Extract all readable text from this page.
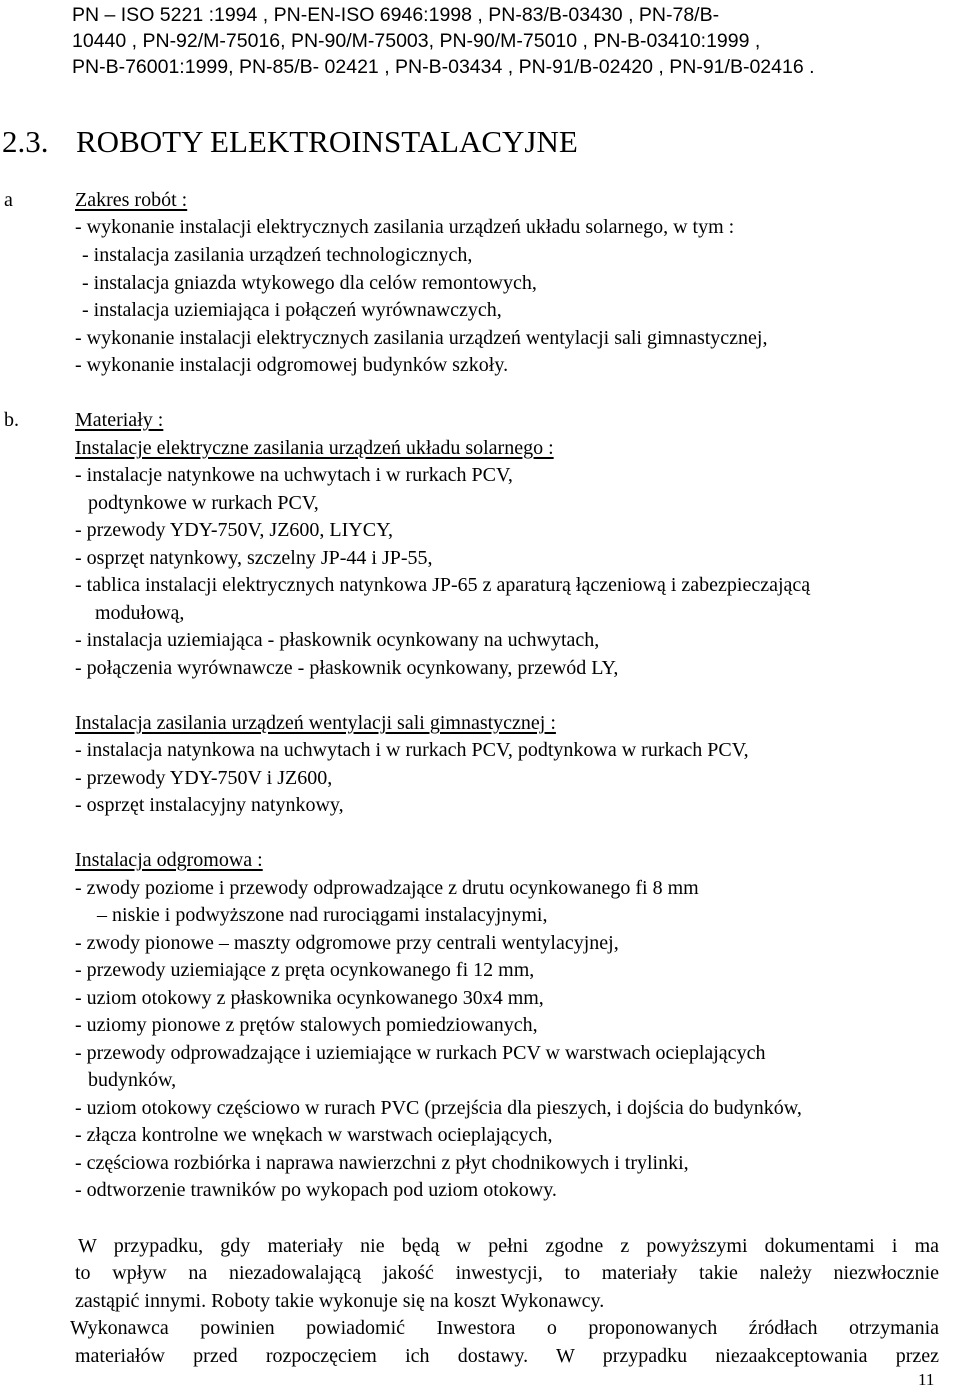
PN – ISO 5221 :1994 , PN-EN-ISO 6946:1998 , PN-83/B-03430 , PN-78/B-

10440 , PN-92/M-75016, PN-90/M-75003, PN-90/M-75010 , PN-B-03410:1999 ,

PN-B-76001:1999, PN-85/B- 02421 , PN-B-03434 , PN-91/B-02420 , PN-91/B-02416 .

2.3. ROBOTY ELEKTROINSTALACYJNE
a	Zakres robót :
- wykonanie instalacji elektrycznych zasilania urządzeń układu solarnego, w tym :
- instalacja zasilania urządzeń technologicznych,
- instalacja gniazda wtykowego dla celów remontowych,
- instalacja uziemiająca i połączeń wyrównawczych,
- wykonanie instalacji elektrycznych zasilania urządzeń wentylacji sali gimnastycznej,
- wykonanie instalacji odgromowej budynków szkoły.
b.	Materiały :
Instalacje elektryczne zasilania urządzeń układu solarnego :
- instalacje natynkowe na uchwytach i w rurkach PCV,
podtynkowe w rurkach PCV,
- przewody YDY-750V, JZ600, LIYCY,
- osprzęt natynkowy, szczelny JP-44 i JP-55,
- tablica instalacji elektrycznych natynkowa JP-65 z aparaturą łączeniową i zabezpieczającą
modułową,
- instalacja uziemiająca - płaskownik ocynkowany na uchwytach,
- połączenia wyrównawcze - płaskownik ocynkowany, przewód LY,
Instalacja zasilania urządzeń wentylacji sali gimnastycznej :
- instalacja natynkowa na uchwytach i w rurkach PCV, podtynkowa w rurkach PCV,
- przewody YDY-750V i JZ600,
- osprzęt instalacyjny natynkowy,
Instalacja odgromowa :
- zwody poziome i przewody odprowadzające z drutu ocynkowanego fi 8 mm
– niskie i podwyższone nad rurociągami instalacyjnymi,
- zwody pionowe – maszty odgromowe przy centrali wentylacyjnej,
- przewody uziemiające z pręta ocynkowanego fi 12 mm,
- uziom otokowy z płaskownika ocynkowanego 30x4 mm,
- uziomy pionowe z prętów stalowych pomiedziowanych,
- przewody odprowadzające i uziemiające w rurkach PCV w warstwach ocieplających
budynków,
- uziom otokowy częściowo w rurach PVC (przejścia dla pieszych, i dojścia do budynków,
- złącza kontrolne we wnękach w warstwach ocieplających,
- częściowa rozbiórka i naprawa nawierzchni z płyt chodnikowych i trylinki,
- odtworzenie trawników po wykopach pod uziom otokowy.
W przypadku, gdy materiały nie będą w pełni zgodne z powyższymi dokumentami i ma
to wpływ na niezadowalającą jakość inwestycji, to materiały takie należy niezwłocznie
zastąpić innymi. Roboty takie wykonuje się na koszt Wykonawcy.
Wykonawca powinien powiadomić Inwestora o proponowanych źródłach otrzymania
materiałów przed rozpoczęciem ich dostawy. W przypadku niezaakceptowania przez
11
